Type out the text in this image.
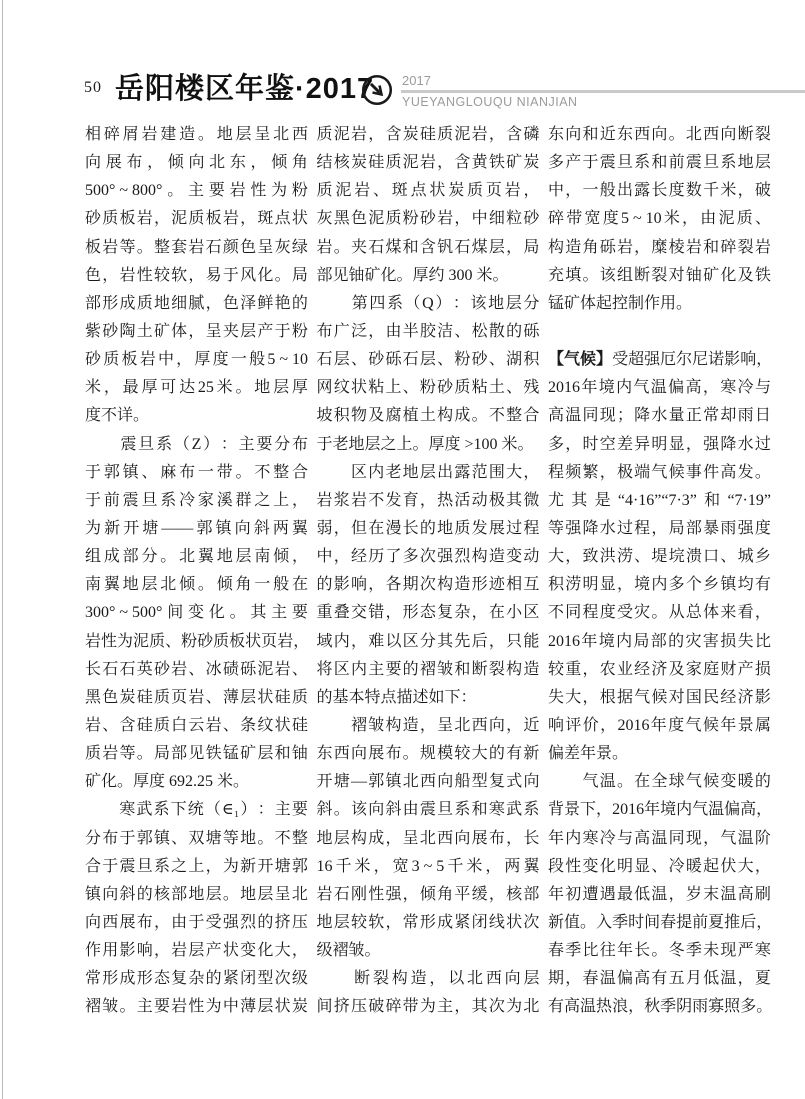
50 岳阳楼区年鉴·2017 2017
YUEYANGLOUQU NIANJIAN
相 碎 屑 岩 建 造 。 地 层 呈 北 西
向 展 布 ， 倾 向 北 东 ， 倾 角
500° ~ 800° 。 主 要 岩 性 为 粉
砂 质 板 岩 ， 泥 质 板 岩 ， 斑 点 状
板 岩 等 。 整 套 岩 石 颜 色 呈 灰 绿
色 ， 岩 性 较 软 ， 易 于 风 化 。 局
部 形 成 质 地 细 腻 ， 色 泽 鲜 艳 的
紫 砂 陶 土 矿 体 ， 呈 夹 层 产 于 粉
砂 质 板 岩 中 ， 厚 度 一 般 5 ~ 10
米 ， 最 厚 可 达 25 米 。 地 层 厚
度不详。

震 旦 系 （ Z ） ： 主 要 分 布
于 郭 镇 、 麻 布 一 带 。 不 整 合
于 前 震 旦 系 冷 家 溪 群 之 上 ，
为 新 开 塘 —— 郭 镇 向 斜 两 翼
组 成 部 分 。 北 翼 地 层 南 倾 ，
南 翼 地 层 北 倾 。 倾 角 一 般 在
300° ~ 500° 间 变 化 。 其 主 要
岩 性 为 泥 质 、 粉 砂 质 板 状 页 岩 ，
长 石 石 英 砂 岩 、 冰 碛 砾 泥 岩 、
黑 色 炭 硅 质 页 岩 、 薄 层 状 硅 质
岩 、 含 硅 质 白 云 岩 、 条 纹 状 硅
质 岩 等 。 局 部 见 铁 锰 矿 层 和 铀
矿化。厚度 692.25 米。

寒 武 系 下 统 （ ∈₁ ） ： 主 要
分 布 于 郭 镇 、 双 塘 等 地 。 不 整
合 于 震 旦 系 之 上 ， 为 新 开 塘 郭
镇 向 斜 的 核 部 地 层 。 地 层 呈 北
向 西 展 布 ， 由 于 受 强 烈 的 挤 压
作 用 影 响 ， 岩 层 产 状 变 化 大 ，
常 形 成 形 态 复 杂 的 紧 闭 型 次 级
褶 皱 。 主 要 岩 性 为 中 薄 层 状 炭
质 泥 岩 ， 含 炭 硅 质 泥 岩 ， 含 磷
结 核 炭 硅 质 泥 岩 ， 含 黄 铁 矿 炭
质 泥 岩 、 斑 点 状 炭 质 页 岩 ，
灰 黑 色 泥 质 粉 砂 岩 ， 中 细 粒 砂
岩 。 夹 石 煤 和 含 钒 石 煤 层 ， 局
部见铀矿化。厚约 300 米。

第 四 系 （ Q ） ： 该 地 层 分
布 广 泛 ， 由 半 胶 洁 、 松 散 的 砾
石 层 、 砂 砾 石 层 、 粉 砂 、 湖 积
网 纹 状 粘 上 、 粉 砂 质 粘 土 、 残
坡 积 物 及 腐 植 土 构 成 。 不 整 合
于老地层之上。厚度 >100 米。

区 内 老 地 层 出 露 范 围 大 ，
岩 浆 岩 不 发 育 ， 热 活 动 极 其 微
弱 ， 但 在 漫 长 的 地 质 发 展 过 程
中 ， 经 历 了 多 次 强 烈 构 造 变 动
的 影 响 ， 各 期 次 构 造 形 迹 相 互
重 叠 交 错 ， 形 态 复 杂 ， 在 小 区
域 内 ， 难 以 区 分 其 先 后 ， 只 能
将 区 内 主 要 的 褶 皱 和 断 裂 构 造
的基本特点描述如下：

褶 皱 构 造 ， 呈 北 西 向 ， 近
东 西 向 展 布 。 规 模 较 大 的 有 新
开 塘 — 郭 镇 北 西 向 船 型 复 式 向
斜 。 该 向 斜 由 震 旦 系 和 寒 武 系
地 层 构 成 ， 呈 北 西 向 展 布 ， 长
16 千 米 ， 宽 3 ~ 5 千 米 ， 两 翼
岩 石 刚 性 强 ， 倾 角 平 缓 ， 核 部
地 层 较 软 ， 常 形 成 紧 闭 线 状 次
级褶皱。

断 裂 构 造 ， 以 北 西 向 层
间 挤 压 破 碎 带 为 主 ， 其 次 为 北
东 向 和 近 东 西 向 。 北 西 向 断 裂
多 产 于 震 旦 系 和 前 震 旦 系 地 层
中 ， 一 般 出 露 长 度 数 千 米 ， 破
碎 带 宽 度 5 ~ 10 米 ， 由 泥 质 、
构 造 角 砾 岩 ， 糜 棱 岩 和 碎 裂 岩
充 填 。 该 组 断 裂 对 铀 矿 化 及 铁
锰矿体起控制作用。
【 气 候 】 受 超 强 厄 尔 尼 诺 影 响 ，
2016 年 境 内 气 温 偏 高 ， 寒 冷 与
高 温 同 现 ； 降 水 量 正 常 却 雨 日
多 ， 时 空 差 异 明 显 ， 强 降 水 过
程 频 繁 ， 极 端 气 候 事 件 高 发 。
尤 其 是 “4·16”“7·3” 和 “7·19”
等 强 降 水 过 程 ， 局 部 暴 雨 强 度
大 ， 致 洪 涝 、 堤 垸 溃 口 、 城 乡
积 涝 明 显 ， 境 内 多 个 乡 镇 均 有
不 同 程 度 受 灾 。 从 总 体 来 看 ，
2016 年 境 内 局 部 的 灾 害 损 失 比
较 重 ， 农 业 经 济 及 家 庭 财 产 损
失 大 ， 根 据 气 候 对 国 民 经 济 影
响 评 价 ， 2016 年 度 气 候 年 景 属
偏差年景。

气 温 。 在 全 球 气 候 变 暖 的
背 景 下 ， 2016 年 境 内 气 温 偏 高 ，
年 内 寒 冷 与 高 温 同 现 ， 气 温 阶
段 性 变 化 明 显 、 冷 暖 起 伏 大 ，
年 初 遭 遇 最 低 温 ， 岁 末 温 高 刷
新 值 。 入 季 时 间 春 提 前 夏 推 后 ，
春 季 比 往 年 长 。 冬 季 未 现 严 寒
期 ， 春 温 偏 高 有 五 月 低 温 ， 夏
有 高 温 热 浪 ， 秋 季 阴 雨 寡 照 多 。
